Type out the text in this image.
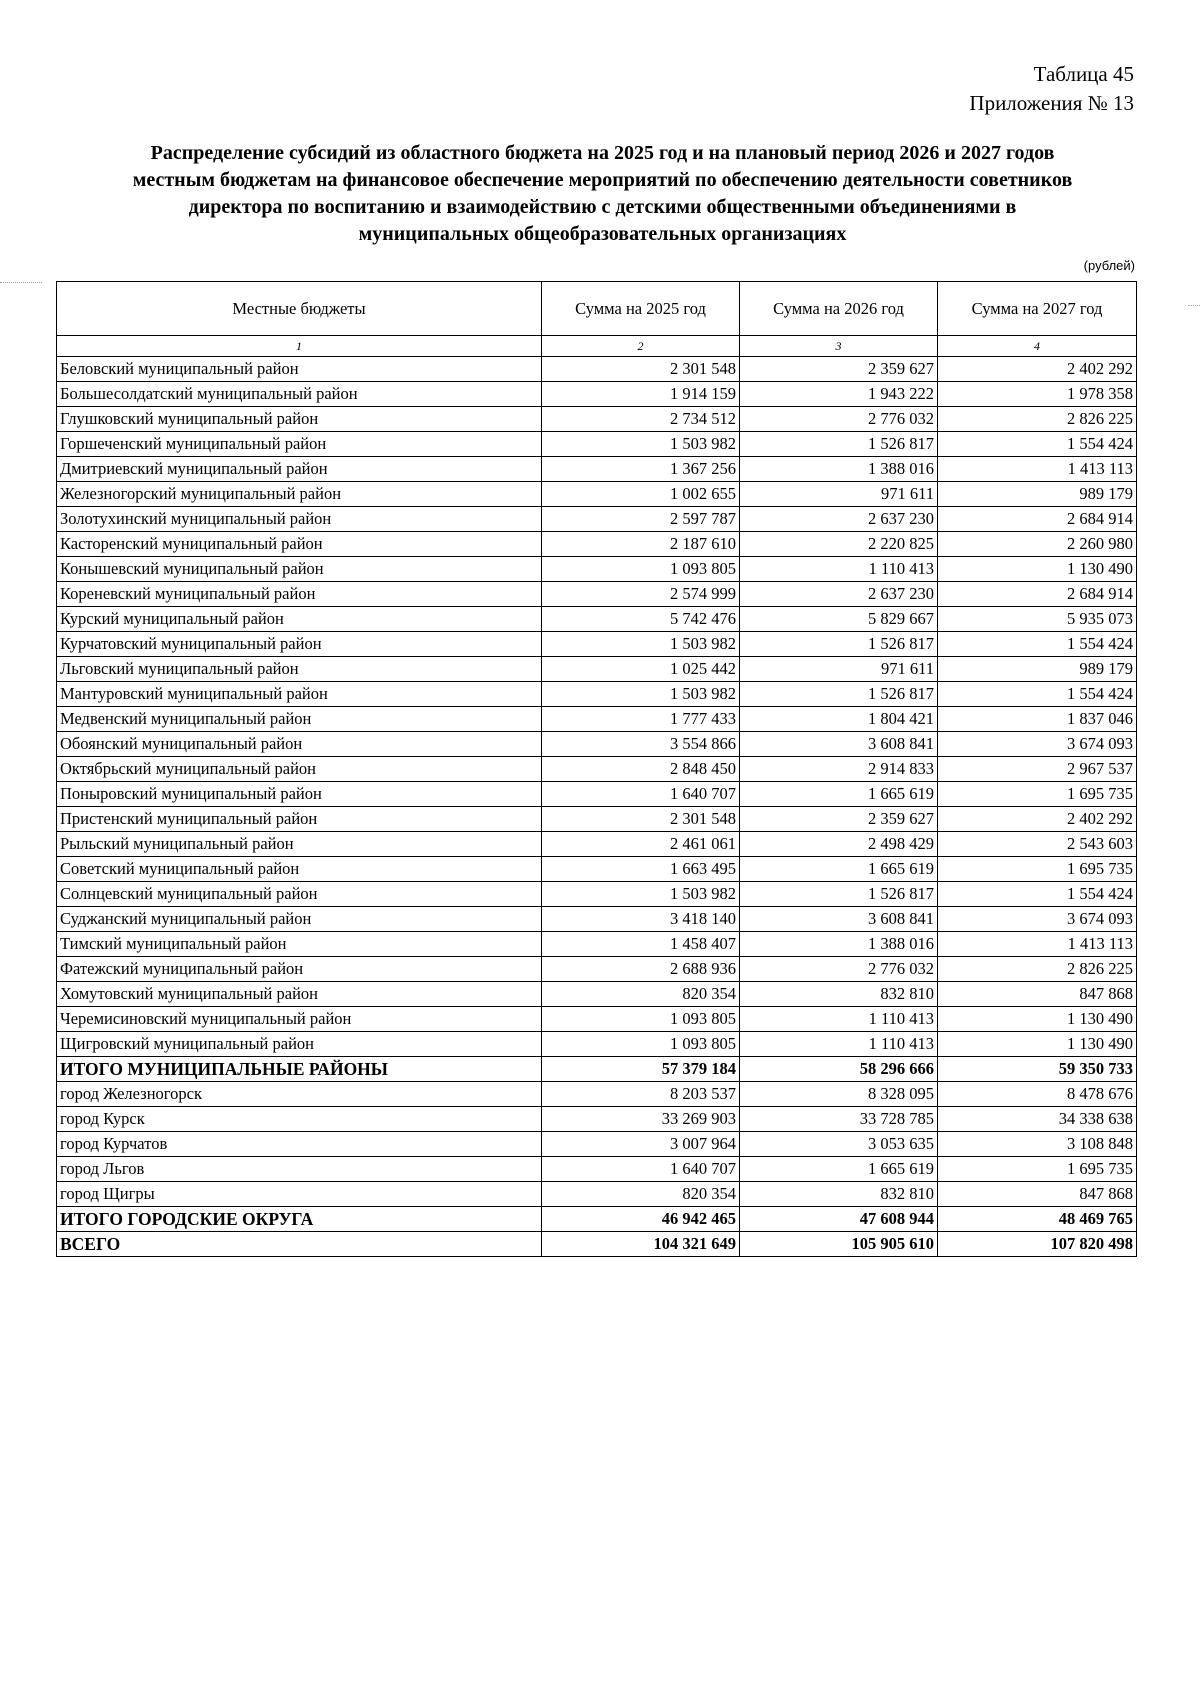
Таблица 45
Приложения № 13
Распределение субсидий из областного бюджета на 2025 год и на плановый период 2026 и 2027 годов
местным бюджетам на финансовое обеспечение мероприятий по обеспечению деятельности советников
директора по воспитанию и взаимодействию с детскими общественными объединениями в
муниципальных общеобразовательных организациях
(рублей)
Местные бюджеты	Сумма на 2025 год	Сумма на 2026 год	Сумма на 2027 год
1	2	3	4
Беловский муниципальный район	2 301 548	2 359 627	2 402 292
Большесолдатский муниципальный район	1 914 159	1 943 222	1 978 358
Глушковский муниципальный район	2 734 512	2 776 032	2 826 225
Горшеченский муниципальный район	1 503 982	1 526 817	1 554 424
Дмитриевский муниципальный район	1 367 256	1 388 016	1 413 113
Железногорский муниципальный район	1 002 655	971 611	989 179
Золотухинский муниципальный район	2 597 787	2 637 230	2 684 914
Касторенский муниципальный район	2 187 610	2 220 825	2 260 980
Конышевский муниципальный район	1 093 805	1 110 413	1 130 490
Кореневский муниципальный район	2 574 999	2 637 230	2 684 914
Курский муниципальный район	5 742 476	5 829 667	5 935 073
Курчатовский муниципальный район	1 503 982	1 526 817	1 554 424
Льговский муниципальный район	1 025 442	971 611	989 179
Мантуровский муниципальный район	1 503 982	1 526 817	1 554 424
Медвенский муниципальный район	1 777 433	1 804 421	1 837 046
Обоянский муниципальный район	3 554 866	3 608 841	3 674 093
Октябрьский муниципальный район	2 848 450	2 914 833	2 967 537
Поныровский муниципальный район	1 640 707	1 665 619	1 695 735
Пристенский муниципальный район	2 301 548	2 359 627	2 402 292
Рыльский муниципальный район	2 461 061	2 498 429	2 543 603
Советский муниципальный район	1 663 495	1 665 619	1 695 735
Солнцевский муниципальный район	1 503 982	1 526 817	1 554 424
Суджанский муниципальный район	3 418 140	3 608 841	3 674 093
Тимский муниципальный район	1 458 407	1 388 016	1 413 113
Фатежский муниципальный район	2 688 936	2 776 032	2 826 225
Хомутовский муниципальный район	820 354	832 810	847 868
Черемисиновский муниципальный район	1 093 805	1 110 413	1 130 490
Щигровский муниципальный район	1 093 805	1 110 413	1 130 490
ИТОГО МУНИЦИПАЛЬНЫЕ РАЙОНЫ	57 379 184	58 296 666	59 350 733
город Железногорск	8 203 537	8 328 095	8 478 676
город Курск	33 269 903	33 728 785	34 338 638
город Курчатов	3 007 964	3 053 635	3 108 848
город Льгов	1 640 707	1 665 619	1 695 735
город Щигры	820 354	832 810	847 868
ИТОГО ГОРОДСКИЕ ОКРУГА	46 942 465	47 608 944	48 469 765
ВСЕГО	104 321 649	105 905 610	107 820 498
